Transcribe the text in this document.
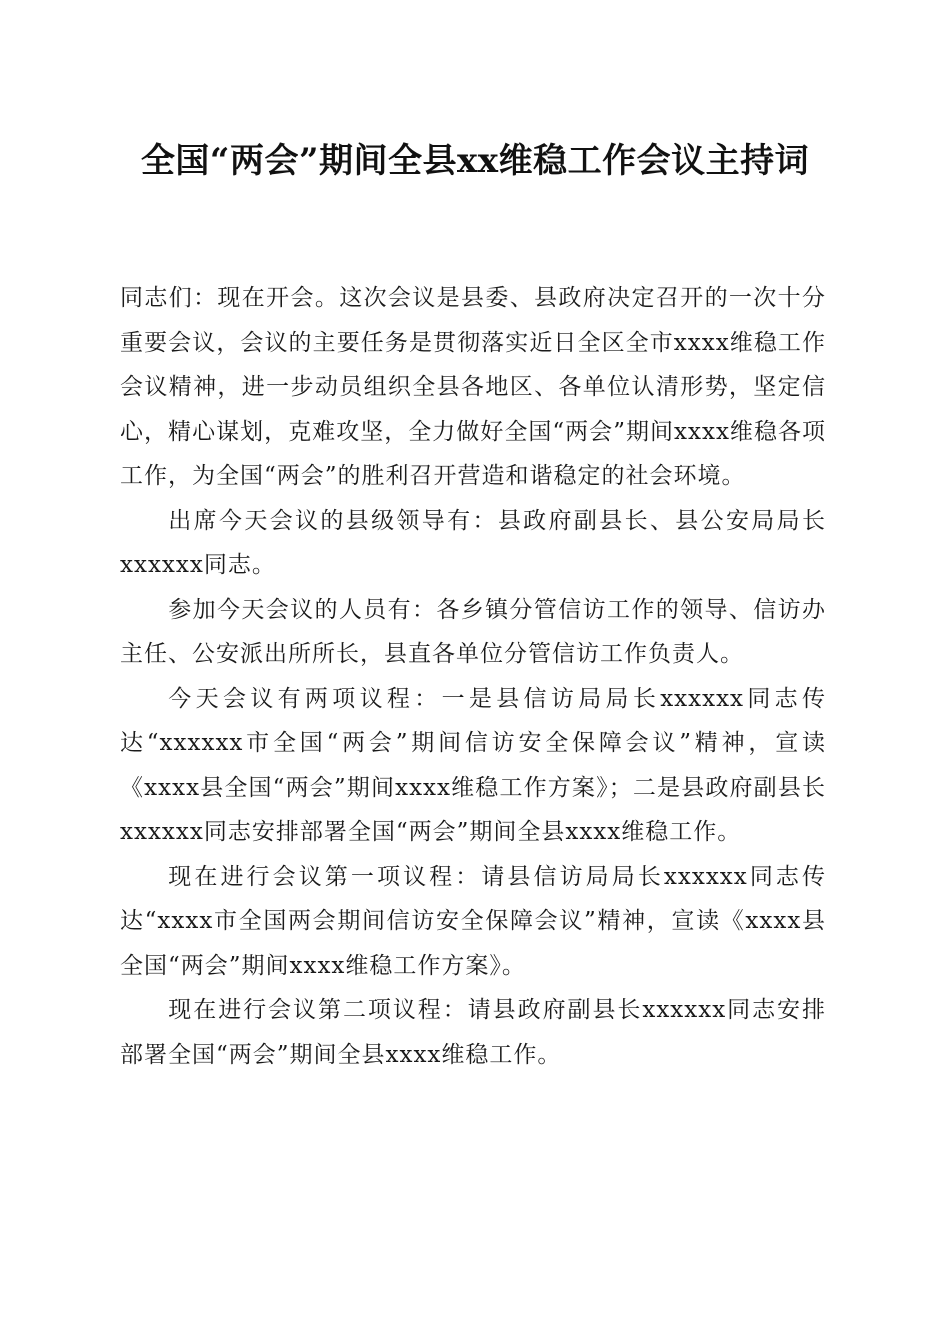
全国“两会”期间全县xx维稳工作会议主持词

同志们：现在开会。这次会议是县委、县政府决定召开的一次十分重要会议，会议的主要任务是贯彻落实近日全区全市xxxx维稳工作会议精神，进一步动员组织全县各地区、各单位认清形势，坚定信心，精心谋划，克难攻坚，全力做好全国“两会”期间xxxx维稳各项工作，为全国“两会”的胜利召开营造和谐稳定的社会环境。

出席今天会议的县级领导有：县政府副县长、县公安局局长xxxxxx同志。

参加今天会议的人员有：各乡镇分管信访工作的领导、信访办主任、公安派出所所长，县直各单位分管信访工作负责人。

今天会议有两项议程：一是县信访局局长xxxxxx同志传达“xxxxxx市全国“两会”期间信访安全保障会议”精神，宣读《xxxx县全国“两会”期间xxxx维稳工作方案》；二是县政府副县长xxxxxx同志安排部署全国“两会”期间全县xxxx维稳工作。

现在进行会议第一项议程：请县信访局局长xxxxxx同志传达“xxxx市全国两会期间信访安全保障会议”精神，宣读《xxxx县全国“两会”期间xxxx维稳工作方案》。

现在进行会议第二项议程：请县政府副县长xxxxxx同志安排部署全国“两会”期间全县xxxx维稳工作。
